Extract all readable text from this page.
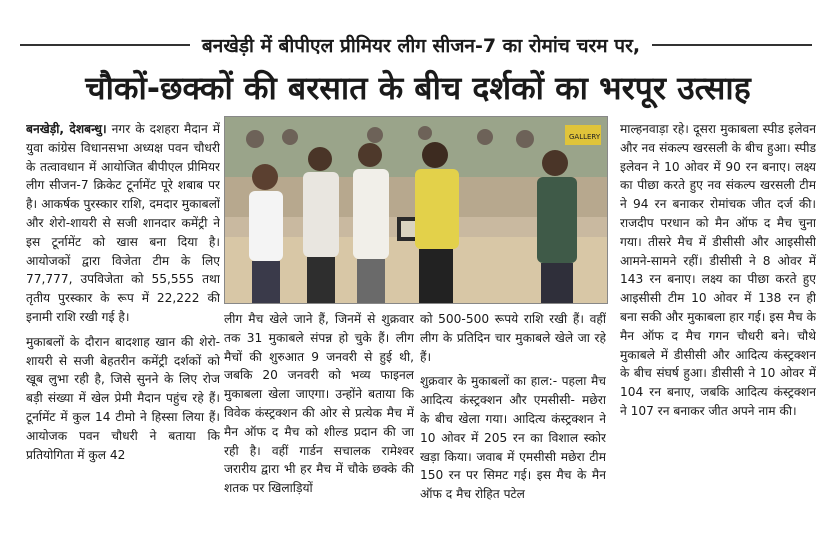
बनखेड़ी में बीपीएल प्रीमियर लीग सीजन-7 का रोमांच चरम पर,
चौकों-छक्कों की बरसात के बीच दर्शकों का भरपूर उत्साह

बनखेड़ी, देशबन्धु। नगर के दशहरा मैदान में युवा कांग्रेस विधानसभा अध्यक्ष पवन चौधरी के तत्वावधान में आयोजित बीपीएल प्रीमियर लीग सीजन-7 क्रिकेट टूर्नामेंट पूरे शबाब पर है। आकर्षक पुरस्कार राशि, दमदार मुकाबलों और शेरो-शायरी से सजी शानदार कमेंट्री ने इस टूर्नामेंट को खास बना दिया है। आयोजकों द्वारा विजेता टीम के लिए 77,777, उपविजेता को 55,555 तथा तृतीय पुरस्कार के रूप में 22,222 की इनामी राशि रखी गई है।

मुकाबलों के दौरान बादशाह खान की शेरो-शायरी से सजी बेहतरीन कमेंट्री दर्शकों को खूब लुभा रही है, जिसे सुनने के लिए रोज बड़ी संख्या में खेल प्रेमी मैदान पहुंच रहे हैं। टूर्नामेंट में कुल 14 टीमो ने हिस्सा लिया हैं। आयोजक पवन चौधरी ने बताया कि प्रतियोगिता में कुल 42

GALLERY

लीग मैच खेले जाने हैं, जिनमें से शुक्रवार तक 31 मुकाबले संपन्न हो चुके हैं। लीग मैचों की शुरुआत 9 जनवरी से हुई थी, जबकि 20 जनवरी को भव्य फाइनल मुकाबला खेला जाएगा। उन्होंने बताया कि विवेक कंस्ट्रक्शन की ओर से प्रत्येक मैच में मैन ऑफ द मैच को शील्ड प्रदान की जा रही है। वहीं गार्डन सचालक रामेश्वर जरारीय द्वारा भी हर मैच में चौके छक्के की शतक पर खिलाड़ियों

को 500-500 रूपये राशि रखी हैं। वहीं लीग के प्रतिदिन चार मुकाबले खेले जा रहे हैं।

शुक्रवार के मुकाबलों का हाल:- पहला मैच आदित्य कंस्ट्रक्शन और एमसीसी- मछेरा के बीच खेला गया। आदित्य कंस्ट्रक्शन ने 10 ओवर में 205 रन का विशाल स्कोर खड़ा किया। जवाब में एमसीसी मछेरा टीम 150 रन पर सिमट गई। इस मैच के मैन ऑफ द मैच रोहित पटेल

माल्हनवाड़ा रहे। दूसरा मुकाबला स्पीड इलेवन और नव संकल्प खरसली के बीच हुआ। स्पीड इलेवन ने 10 ओवर में 90 रन बनाए। लक्ष्य का पीछा करते हुए नव संकल्प खरसली टीम ने 94 रन बनाकर रोमांचक जीत दर्ज की। राजदीप परधान को मैन ऑफ द मैच चुना गया। तीसरे मैच में डीसीसी और आइसीसी आमने-सामने रहीं। डीसीसी ने 8 ओवर में 143 रन बनाए। लक्ष्य का पीछा करते हुए आइसीसी टीम 10 ओवर में 138 रन ही बना सकी और मुकाबला हार गई। इस मैच के मैन ऑफ द मैच गगन चौधरी बने। चौथे मुकाबले में डीसीसी और आदित्य कंस्ट्रक्शन के बीच संघर्ष हुआ। डीसीसी ने 10 ओवर में 104 रन बनाए, जबकि आदित्य कंस्ट्रक्शन ने 107 रन बनाकर जीत अपने नाम की।
